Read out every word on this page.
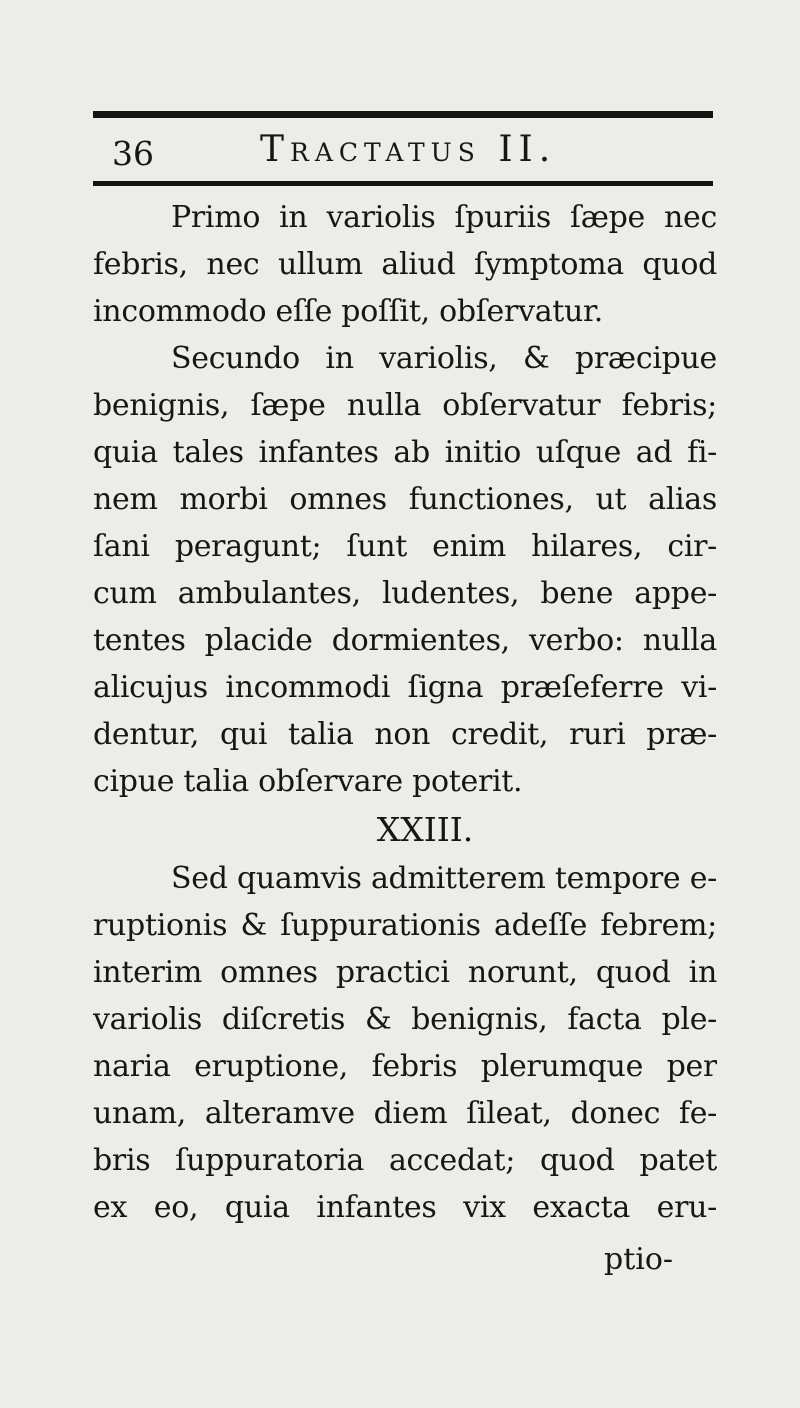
36	Tractatus II.
Primo in variolis ſpuriis ſæpe nec
febris, nec ullum aliud ſymptoma quod
incommodo eſſe poſſit, obſervatur.
Secundo in variolis, & præcipue
benignis, ſæpe nulla obſervatur febris;
quia tales infantes ab initio uſque ad fi-
nem morbi omnes functiones, ut alias
ſani peragunt; ſunt enim hilares, cir-
cum ambulantes, ludentes, bene appe-
tentes placide dormientes, verbo: nulla
alicujus incommodi ſigna præſeferre vi-
dentur, qui talia non credit, ruri præ-
cipue talia obſervare poterit.
XXIII.
Sed quamvis admitterem tempore e-
ruptionis & ſuppurationis adeſſe febrem;
interim omnes practici norunt, quod in
variolis diſcretis & benignis, facta ple-
naria eruptione, febris plerumque per
unam, alteramve diem ſileat, donec fe-
bris ſuppuratoria accedat; quod patet
ex eo, quia infantes vix exacta eru-
ptio-
